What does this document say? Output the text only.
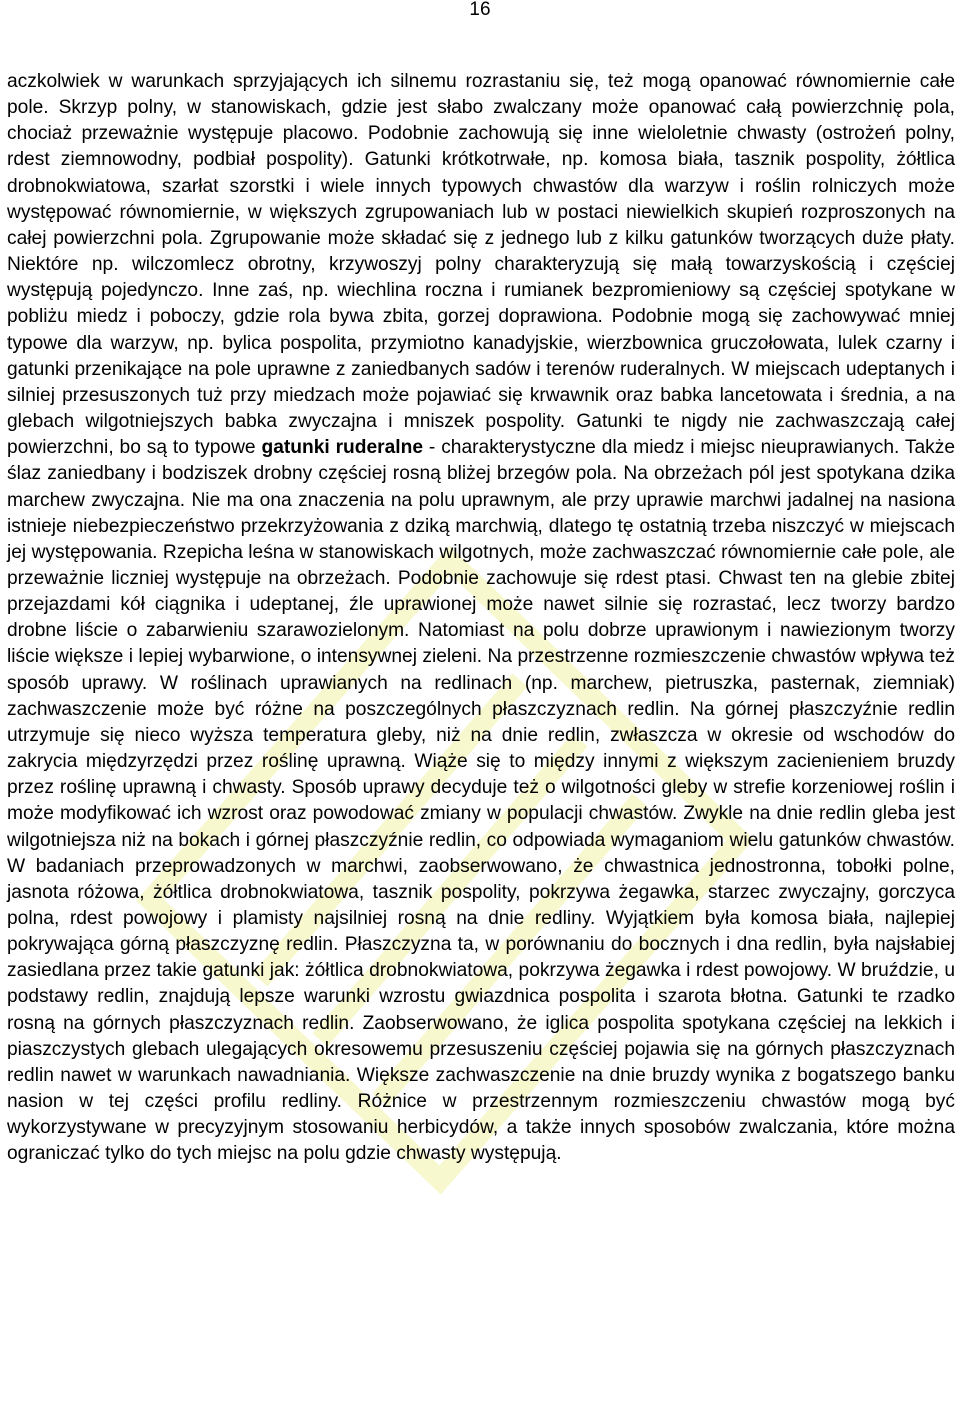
16

aczkolwiek w warunkach sprzyjających ich silnemu rozrastaniu się, też mogą opanować równomiernie całe pole. Skrzyp polny, w stanowiskach, gdzie jest słabo zwalczany może opanować całą powierzchnię pola, chociaż przeważnie występuje placowo. Podobnie zachowują się inne wieloletnie chwasty (ostrożeń polny, rdest ziemnowodny, podbiał pospolity). Gatunki krótkotrwałe, np. komosa biała, tasznik pospolity, żółtlica drobnokwiatowa, szarłat szorstki i wiele innych typowych chwastów dla warzyw i roślin rolniczych może występować równomiernie, w większych zgrupowaniach lub w postaci niewielkich skupień rozproszonych na całej powierzchni pola. Zgrupowanie może składać się z jednego lub z kilku gatunków tworzących duże płaty. Niektóre np. wilczomlecz obrotny, krzywoszyj polny charakteryzują się małą towarzyskością i częściej występują pojedynczo. Inne zaś, np. wiechlina roczna i rumianek bezpromieniowy są częściej spotykane w pobliżu miedz i poboczy, gdzie rola bywa zbita, gorzej doprawiona. Podobnie mogą się zachowywać mniej typowe dla warzyw, np. bylica pospolita, przymiotno kanadyjskie, wierzbownica gruczołowata, lulek czarny i gatunki przenikające na pole uprawne z zaniedbanych sadów i terenów ruderalnych. W miejscach udeptanych i silniej przesuszonych tuż przy miedzach może pojawiać się krwawnik oraz babka lancetowata i średnia, a na glebach wilgotniejszych babka zwyczajna i mniszek pospolity. Gatunki te nigdy nie zachwaszczają całej powierzchni, bo są to typowe gatunki ruderalne - charakterystyczne dla miedz i miejsc nieuprawianych. Także ślaz zaniedbany i bodziszek drobny częściej rosną bliżej brzegów pola. Na obrzeżach pól jest spotykana dzika marchew zwyczajna. Nie ma ona znaczenia na polu uprawnym, ale przy uprawie marchwi jadalnej na nasiona istnieje niebezpieczeństwo przekrzyżowania z dziką marchwią, dlatego tę ostatnią trzeba niszczyć w miejscach jej występowania. Rzepicha leśna w stanowiskach wilgotnych, może zachwaszczać równomiernie całe pole, ale przeważnie liczniej występuje na obrzeżach. Podobnie zachowuje się rdest ptasi. Chwast ten na glebie zbitej przejazdami kół ciągnika i udeptanej, źle uprawionej może nawet silnie się rozrastać, lecz tworzy bardzo drobne liście o zabarwieniu szarawozielonym. Natomiast na polu dobrze uprawionym i nawiezionym tworzy liście większe i lepiej wybarwione, o intensywnej zieleni. Na przestrzenne rozmieszczenie chwastów wpływa też sposób uprawy. W roślinach uprawianych na redlinach (np. marchew, pietruszka, pasternak, ziemniak) zachwaszczenie może być różne na poszczególnych płaszczyznach redlin. Na górnej płaszczyźnie redlin utrzymuje się nieco wyższa temperatura gleby, niż na dnie redlin, zwłaszcza w okresie od wschodów do zakrycia międzyrzędzi przez roślinę uprawną. Wiąże się to między innymi z większym zacienieniem bruzdy przez roślinę uprawną i chwasty. Sposób uprawy decyduje też o wilgotności gleby w strefie korzeniowej roślin i może modyfikować ich wzrost oraz powodować zmiany w populacji chwastów. Zwykle na dnie redlin gleba jest wilgotniejsza niż na bokach i górnej płaszczyźnie redlin, co odpowiada wymaganiom wielu gatunków chwastów. W badaniach przeprowadzonych w marchwi, zaobserwowano, że chwastnica jednostronna, tobołki polne, jasnota różowa, żółtlica drobnokwiatowa, tasznik pospolity, pokrzywa żegawka, starzec zwyczajny, gorczyca polna, rdest powojowy i plamisty najsilniej rosną na dnie redliny. Wyjątkiem była komosa biała, najlepiej pokrywająca górną płaszczyznę redlin. Płaszczyzna ta, w porównaniu do bocznych i dna redlin, była najsłabiej zasiedlana przez takie gatunki jak: żółtlica drobnokwiatowa, pokrzywa żegawka i rdest powojowy. W bruździe, u podstawy redlin, znajdują lepsze warunki wzrostu gwiazdnica pospolita i szarota błotna. Gatunki te rzadko rosną na górnych płaszczyznach redlin. Zaobserwowano, że iglica pospolita spotykana częściej na lekkich i piaszczystych glebach ulegających okresowemu przesuszeniu częściej pojawia się na górnych płaszczyznach redlin nawet w warunkach nawadniania. Większe zachwaszczenie na dnie bruzdy wynika z bogatszego banku nasion w tej części profilu redliny. Różnice w przestrzennym rozmieszczeniu chwastów mogą być wykorzystywane w precyzyjnym stosowaniu herbicydów, a także innych sposobów zwalczania, które można ograniczać tylko do tych miejsc na polu gdzie chwasty występują.
